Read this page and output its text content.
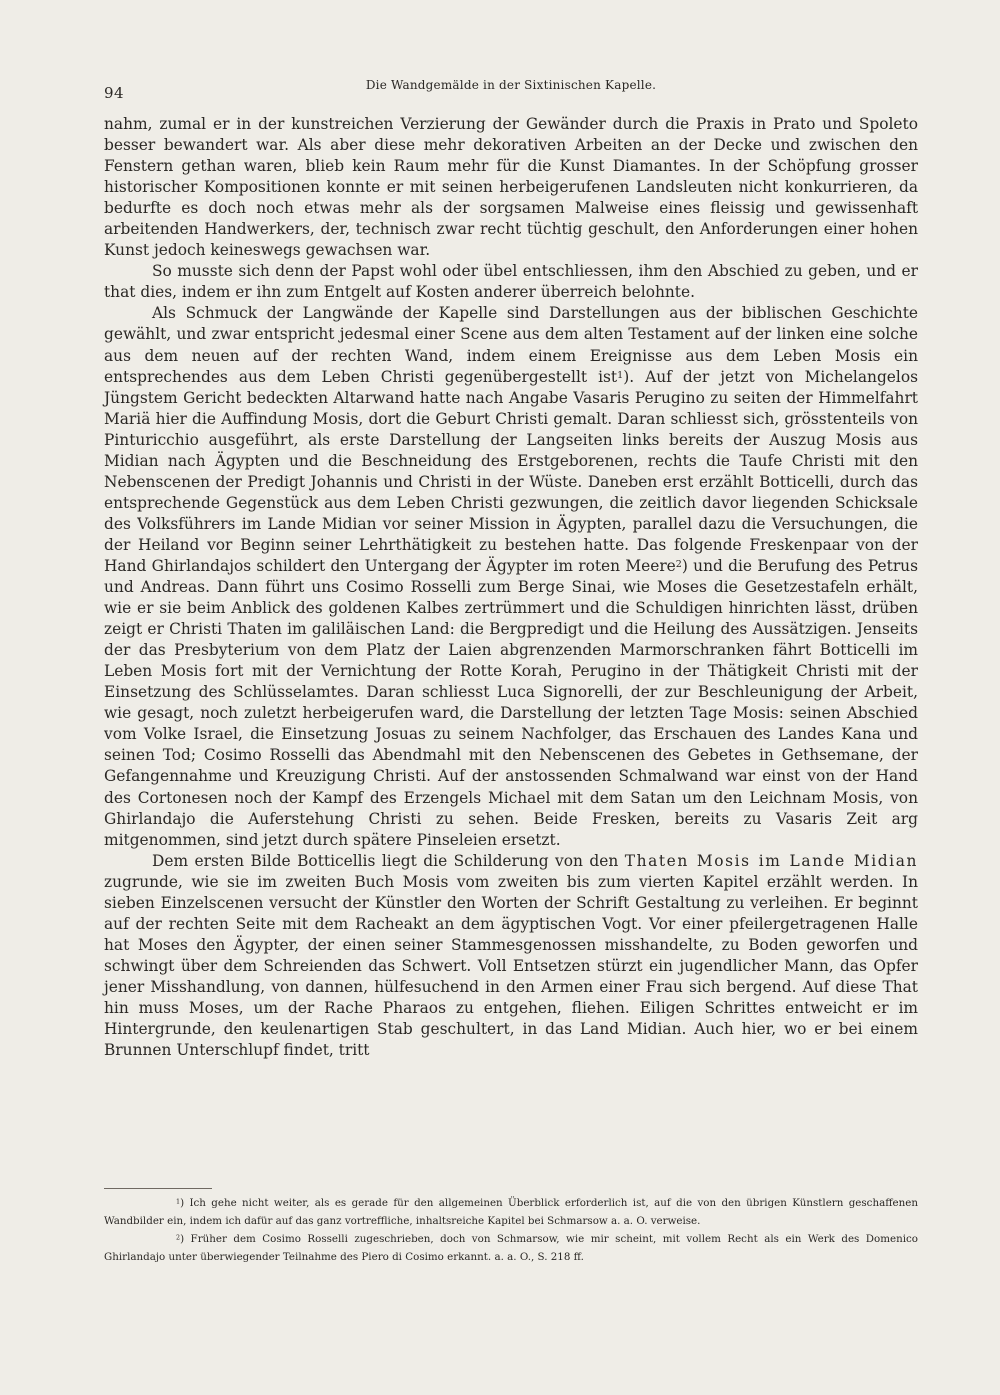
94	Die Wandgemälde in der Sixtinischen Kapelle.

nahm, zumal er in der kunstreichen Verzierung der Gewänder durch die Praxis in Prato und Spoleto besser bewandert war. Als aber diese mehr dekorativen Arbeiten an der Decke und zwischen den Fenstern gethan waren, blieb kein Raum mehr für die Kunst Diamantes. In der Schöpfung grosser historischer Kompositionen konnte er mit seinen herbeigerufenen Landsleuten nicht konkurrieren, da bedurfte es doch noch etwas mehr als der sorgsamen Malweise eines fleissig und gewissenhaft arbeitenden Handwerkers, der, technisch zwar recht tüchtig geschult, den Anforderungen einer hohen Kunst jedoch keineswegs gewachsen war.

So musste sich denn der Papst wohl oder übel entschliessen, ihm den Abschied zu geben, und er that dies, indem er ihn zum Entgelt auf Kosten anderer überreich belohnte.

Als Schmuck der Langwände der Kapelle sind Darstellungen aus der biblischen Geschichte gewählt, und zwar entspricht jedesmal einer Scene aus dem alten Testament auf der linken eine solche aus dem neuen auf der rechten Wand, indem einem Ereignisse aus dem Leben Mosis ein entsprechendes aus dem Leben Christi gegenübergestellt ist$^1$). Auf der jetzt von Michelangelos Jüngstem Gericht bedeckten Altarwand hatte nach Angabe Vasaris Perugino zu seiten der Himmelfahrt Mariä hier die Auffindung Mosis, dort die Geburt Christi gemalt. Daran schliesst sich, grösstenteils von Pinturicchio ausgeführt, als erste Darstellung der Langseiten links bereits der Auszug Mosis aus Midian nach Ägypten und die Beschneidung des Erstgeborenen, rechts die Taufe Christi mit den Nebenscenen der Predigt Johannis und Christi in der Wüste. Daneben erst erzählt Botticelli, durch das entsprechende Gegenstück aus dem Leben Christi gezwungen, die zeitlich davor liegenden Schicksale des Volksführers im Lande Midian vor seiner Mission in Ägypten, parallel dazu die Versuchungen, die der Heiland vor Beginn seiner Lehrthätigkeit zu bestehen hatte. Das folgende Freskenpaar von der Hand Ghirlandajos schildert den Untergang der Ägypter im roten Meere$^2$) und die Berufung des Petrus und Andreas. Dann führt uns Cosimo Rosselli zum Berge Sinai, wie Moses die Gesetzestafeln erhält, wie er sie beim Anblick des goldenen Kalbes zertrümmert und die Schuldigen hinrichten lässt, drüben zeigt er Christi Thaten im galiläischen Land: die Bergpredigt und die Heilung des Aussätzigen. Jenseits der das Presbyterium von dem Platz der Laien abgrenzenden Marmorschranken fährt Botticelli im Leben Mosis fort mit der Vernichtung der Rotte Korah, Perugino in der Thätigkeit Christi mit der Einsetzung des Schlüsselamtes. Daran schliesst Luca Signorelli, der zur Beschleunigung der Arbeit, wie gesagt, noch zuletzt herbeigerufen ward, die Darstellung der letzten Tage Mosis: seinen Abschied vom Volke Israel, die Einsetzung Josuas zu seinem Nachfolger, das Erschauen des Landes Kana und seinen Tod; Cosimo Rosselli das Abendmahl mit den Nebenscenen des Gebetes in Gethsemane, der Gefangennahme und Kreuzigung Christi. Auf der anstossenden Schmalwand war einst von der Hand des Cortonesen noch der Kampf des Erzengels Michael mit dem Satan um den Leichnam Mosis, von Ghirlandajo die Auferstehung Christi zu sehen. Beide Fresken, bereits zu Vasaris Zeit arg mitgenommen, sind jetzt durch spätere Pinseleien ersetzt.

Dem ersten Bilde Botticellis liegt die Schilderung von den Thaten Mosis im Lande Midian zugrunde, wie sie im zweiten Buch Mosis vom zweiten bis zum vierten Kapitel erzählt werden. In sieben Einzelscenen versucht der Künstler den Worten der Schrift Gestaltung zu verleihen. Er beginnt auf der rechten Seite mit dem Racheakt an dem ägyptischen Vogt. Vor einer pfeilergetragenen Halle hat Moses den Ägypter, der einen seiner Stammesgenossen misshandelte, zu Boden geworfen und schwingt über dem Schreienden das Schwert. Voll Entsetzen stürzt ein jugendlicher Mann, das Opfer jener Misshandlung, von dannen, hülfesuchend in den Armen einer Frau sich bergend. Auf diese That hin muss Moses, um der Rache Pharaos zu entgehen, fliehen. Eiligen Schrittes entweicht er im Hintergrunde, den keulenartigen Stab geschultert, in das Land Midian. Auch hier, wo er bei einem Brunnen Unterschlupf findet, tritt

$^1$) Ich gehe nicht weiter, als es gerade für den allgemeinen Überblick erforderlich ist, auf die von den übrigen Künstlern geschaffenen Wandbilder ein, indem ich dafür auf das ganz vortreffliche, inhaltsreiche Kapitel bei Schmarsow a. a. O. verweise.

$^2$) Früher dem Cosimo Rosselli zugeschrieben, doch von Schmarsow, wie mir scheint, mit vollem Recht als ein Werk des Domenico Ghirlandajo unter überwiegender Teilnahme des Piero di Cosimo erkannt. a. a. O., S. 218 ff.
